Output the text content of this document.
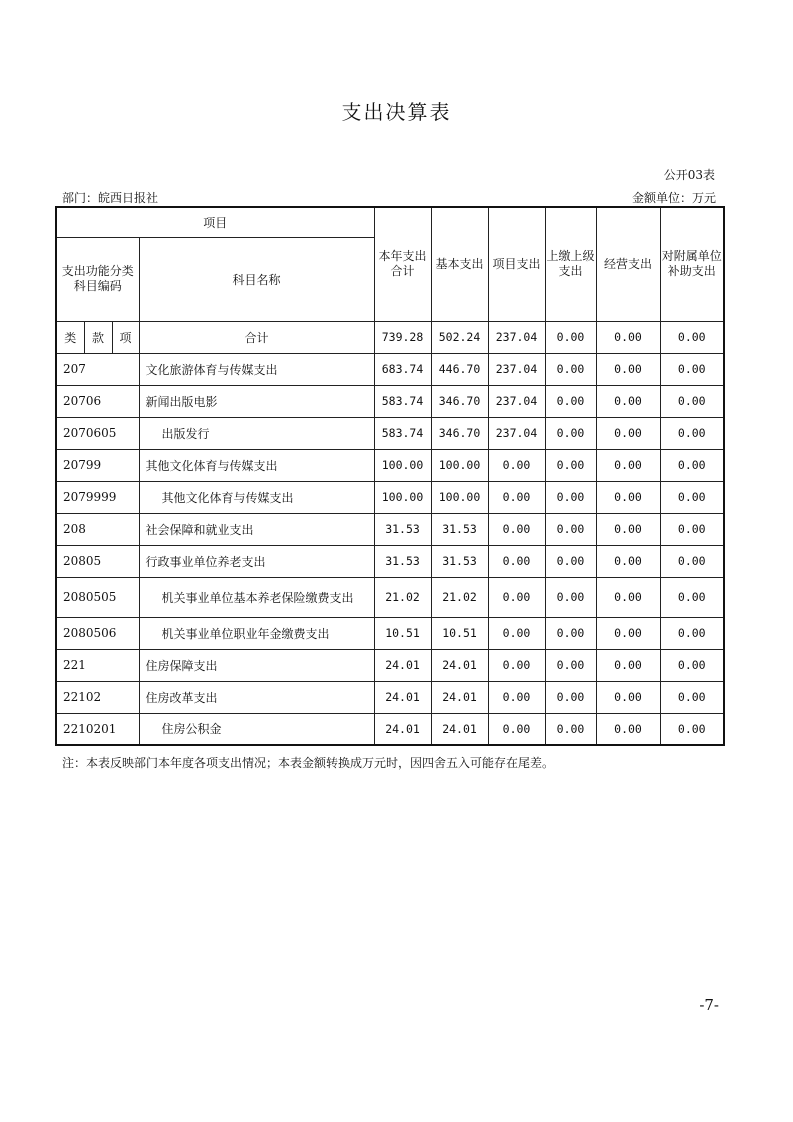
支出决算表
公开03表
部门：皖西日报社	金额单位：万元
项目				本年支出合计	基本支出	项目支出	上缴上级支出	经营支出	对附属单位补助支出
支出功能分类科目编码			科目名称						
类	款	项	合计	739.28	502.24	237.04	0.00	0.00	0.00
207			文化旅游体育与传媒支出	683.74	446.70	237.04	0.00	0.00	0.00
20706			新闻出版电影	583.74	346.70	237.04	0.00	0.00	0.00
2070605			出版发行	583.74	346.70	237.04	0.00	0.00	0.00
20799			其他文化体育与传媒支出	100.00	100.00	0.00	0.00	0.00	0.00
2079999			其他文化体育与传媒支出	100.00	100.00	0.00	0.00	0.00	0.00
208			社会保障和就业支出	31.53	31.53	0.00	0.00	0.00	0.00
20805			行政事业单位养老支出	31.53	31.53	0.00	0.00	0.00	0.00
2080505			机关事业单位基本养老保险缴费支出	21.02	21.02	0.00	0.00	0.00	0.00
2080506			机关事业单位职业年金缴费支出	10.51	10.51	0.00	0.00	0.00	0.00
221			住房保障支出	24.01	24.01	0.00	0.00	0.00	0.00
22102			住房改革支出	24.01	24.01	0.00	0.00	0.00	0.00
2210201			住房公积金	24.01	24.01	0.00	0.00	0.00	0.00
注：本表反映部门本年度各项支出情况；本表金额转换成万元时，因四舍五入可能存在尾差。
-7-
